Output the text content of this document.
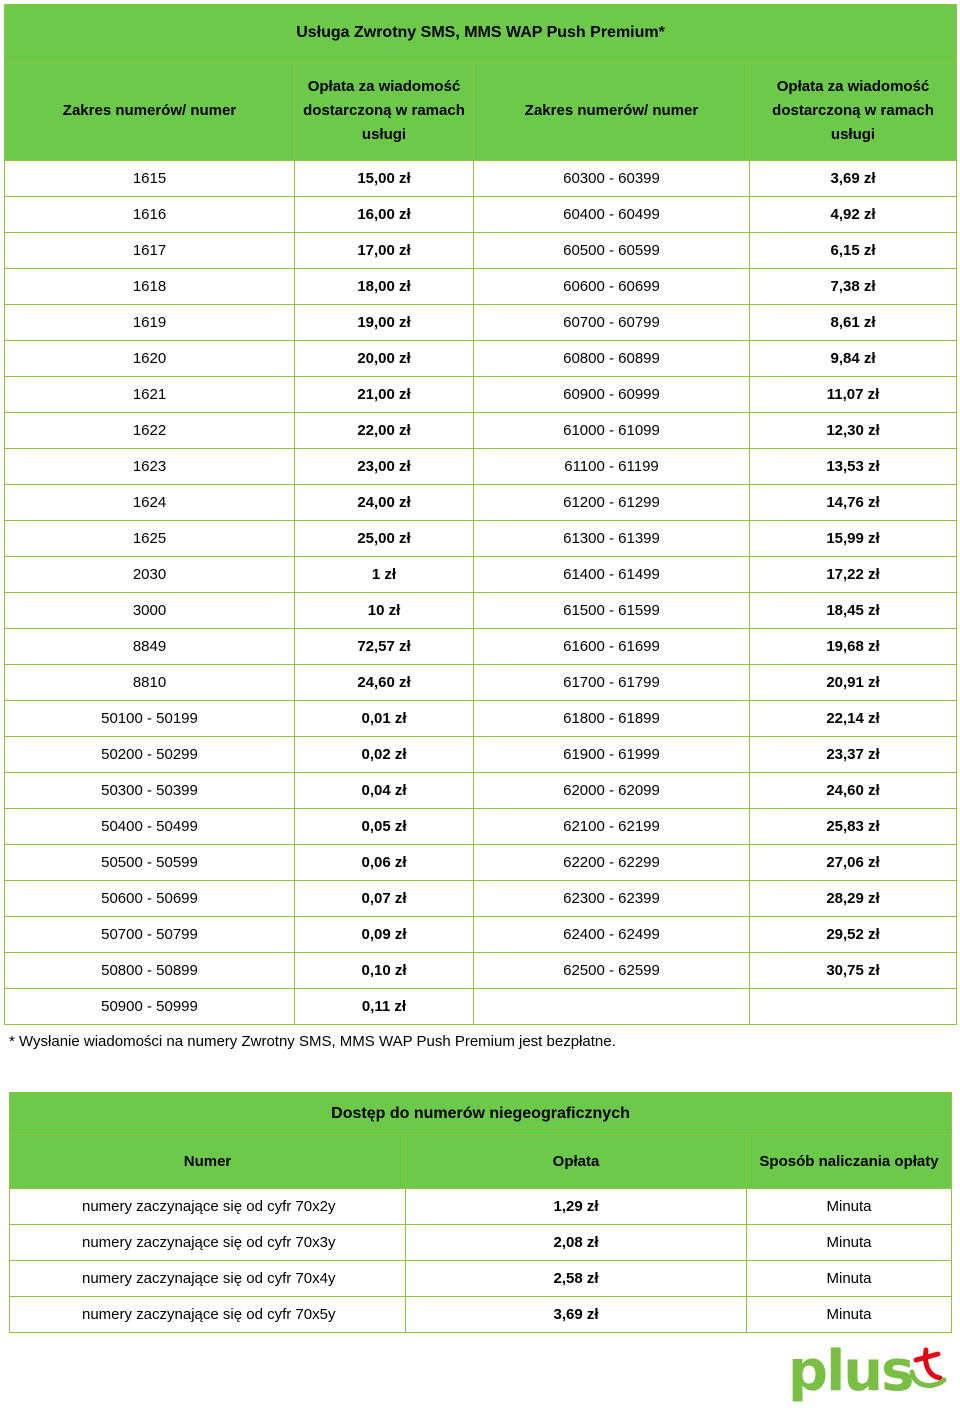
Usługa Zwrotny SMS, MMS WAP Push Premium*			
Zakres numerów/ numer	Opłata za wiadomość dostarczoną w ramach usługi	Zakres numerów/ numer	Opłata za wiadomość dostarczoną w ramach usługi

1615	15,00 zł	60300 - 60399	3,69 zł
1616	16,00 zł	60400 - 60499	4,92 zł
1617	17,00 zł	60500 - 60599	6,15 zł
1618	18,00 zł	60600 - 60699	7,38 zł
1619	19,00 zł	60700 - 60799	8,61 zł
1620	20,00 zł	60800 - 60899	9,84 zł
1621	21,00 zł	60900 - 60999	11,07 zł
1622	22,00 zł	61000 - 61099	12,30 zł
1623	23,00 zł	61100 - 61199	13,53 zł
1624	24,00 zł	61200 - 61299	14,76 zł
1625	25,00 zł	61300 - 61399	15,99 zł
2030	1 zł	61400 - 61499	17,22 zł
3000	10 zł	61500 - 61599	18,45 zł
8849	72,57 zł	61600 - 61699	19,68 zł
8810	24,60 zł	61700 - 61799	20,91 zł
50100 - 50199	0,01 zł	61800 - 61899	22,14 zł
50200 - 50299	0,02 zł	61900 - 61999	23,37 zł
50300 - 50399	0,04 zł	62000 - 62099	24,60 zł
50400 - 50499	0,05 zł	62100 - 62199	25,83 zł
50500 - 50599	0,06 zł	62200 - 62299	27,06 zł
50600 - 50699	0,07 zł	62300 - 62399	28,29 zł
50700 - 50799	0,09 zł	62400 - 62499	29,52 zł
50800 - 50899	0,10 zł	62500 - 62599	30,75 zł
50900 - 50999	0,11 zł		
* Wysłanie wiadomości na numery Zwrotny SMS, MMS WAP Push Premium jest bezpłatne.
Dostęp do numerów niegeograficznych		
Numer	Opłata	Sposób naliczania opłaty
numery zaczynające się od cyfr 70x2y	1,29 zł	Minuta
numery zaczynające się od cyfr 70x3y	2,08 zł	Minuta
numery zaczynające się od cyfr 70x4y	2,58 zł	Minuta
numery zaczynające się od cyfr 70x5y	3,69 zł	Minuta
plus
